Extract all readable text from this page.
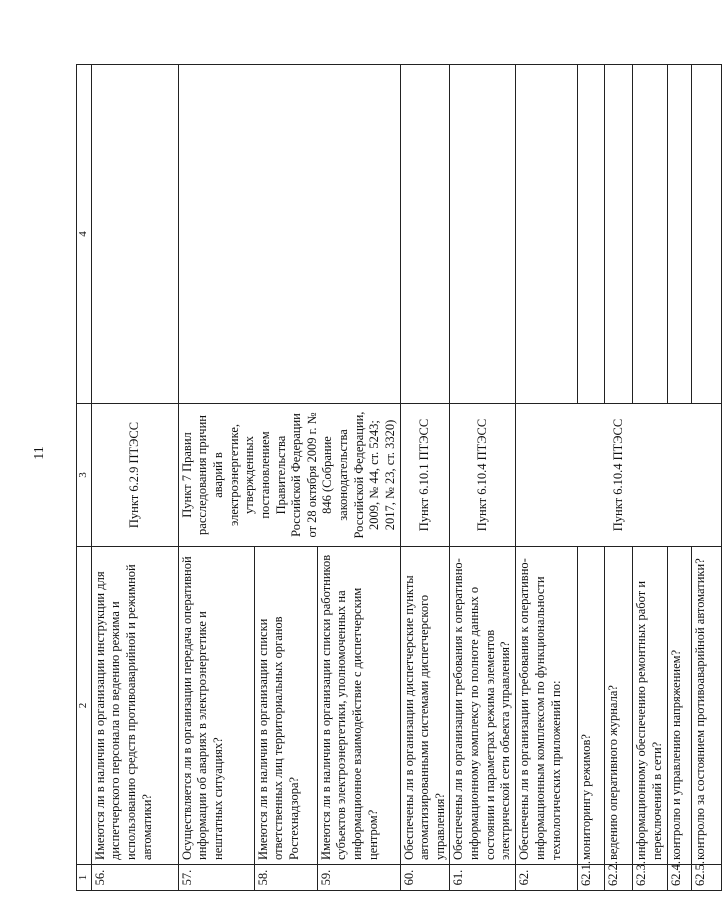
11
1	2	3	4
56.	Имеются ли в наличии в организации инструкции для диспетчерского персонала по ведению режима и использованию средств противоаварийной и режимной автоматики?	Пункт 6.2.9 ПТЭСС	
57.	Осуществляется ли в организации передача оперативной информации об авариях в электроэнергетике и нештатных ситуациях?	Пункт 7 Правил расследования причин аварий в электроэнергетике, утвержденных постановлением Правительства Российской Федерации от 28 октября 2009 г. № 846 (Собрание законодательства Российской Федерации, 2009, № 44, ст. 5243; 2017, № 23, ст. 3320)	
58.	Имеются ли в наличии в организации списки ответственных лиц территориальных органов Ростехнадзора?		
59.	Имеются ли в наличии в организации списки работников субъектов электроэнергетики, уполномоченных на информационное взаимодействие с диспетчерским центром?		
60.	Обеспечены ли в организации диспетчерские пункты автоматизированными системами диспетчерского управления?	Пункт 6.10.1 ПТЭСС	
61.	Обеспечены ли в организации требования к оперативно-информационному комплексу по полноте данных о состоянии и параметрах режима элементов электрической сети объекта управления?	Пункт 6.10.4 ПТЭСС	
62.	Обеспечены ли в организации требования к оперативно-информационным комплексом по функциональности технологических приложений по:	Пункт 6.10.4 ПТЭСС	
62.1.	мониторингу режимов?		
62.2.	ведению оперативного журнала?		
62.3.	информационному обеспечению ремонтных работ и переключений в сети?		
62.4.	контролю и управлению напряжением?		
62.5.	контролю за состоянием противоаварийной автоматики?		
